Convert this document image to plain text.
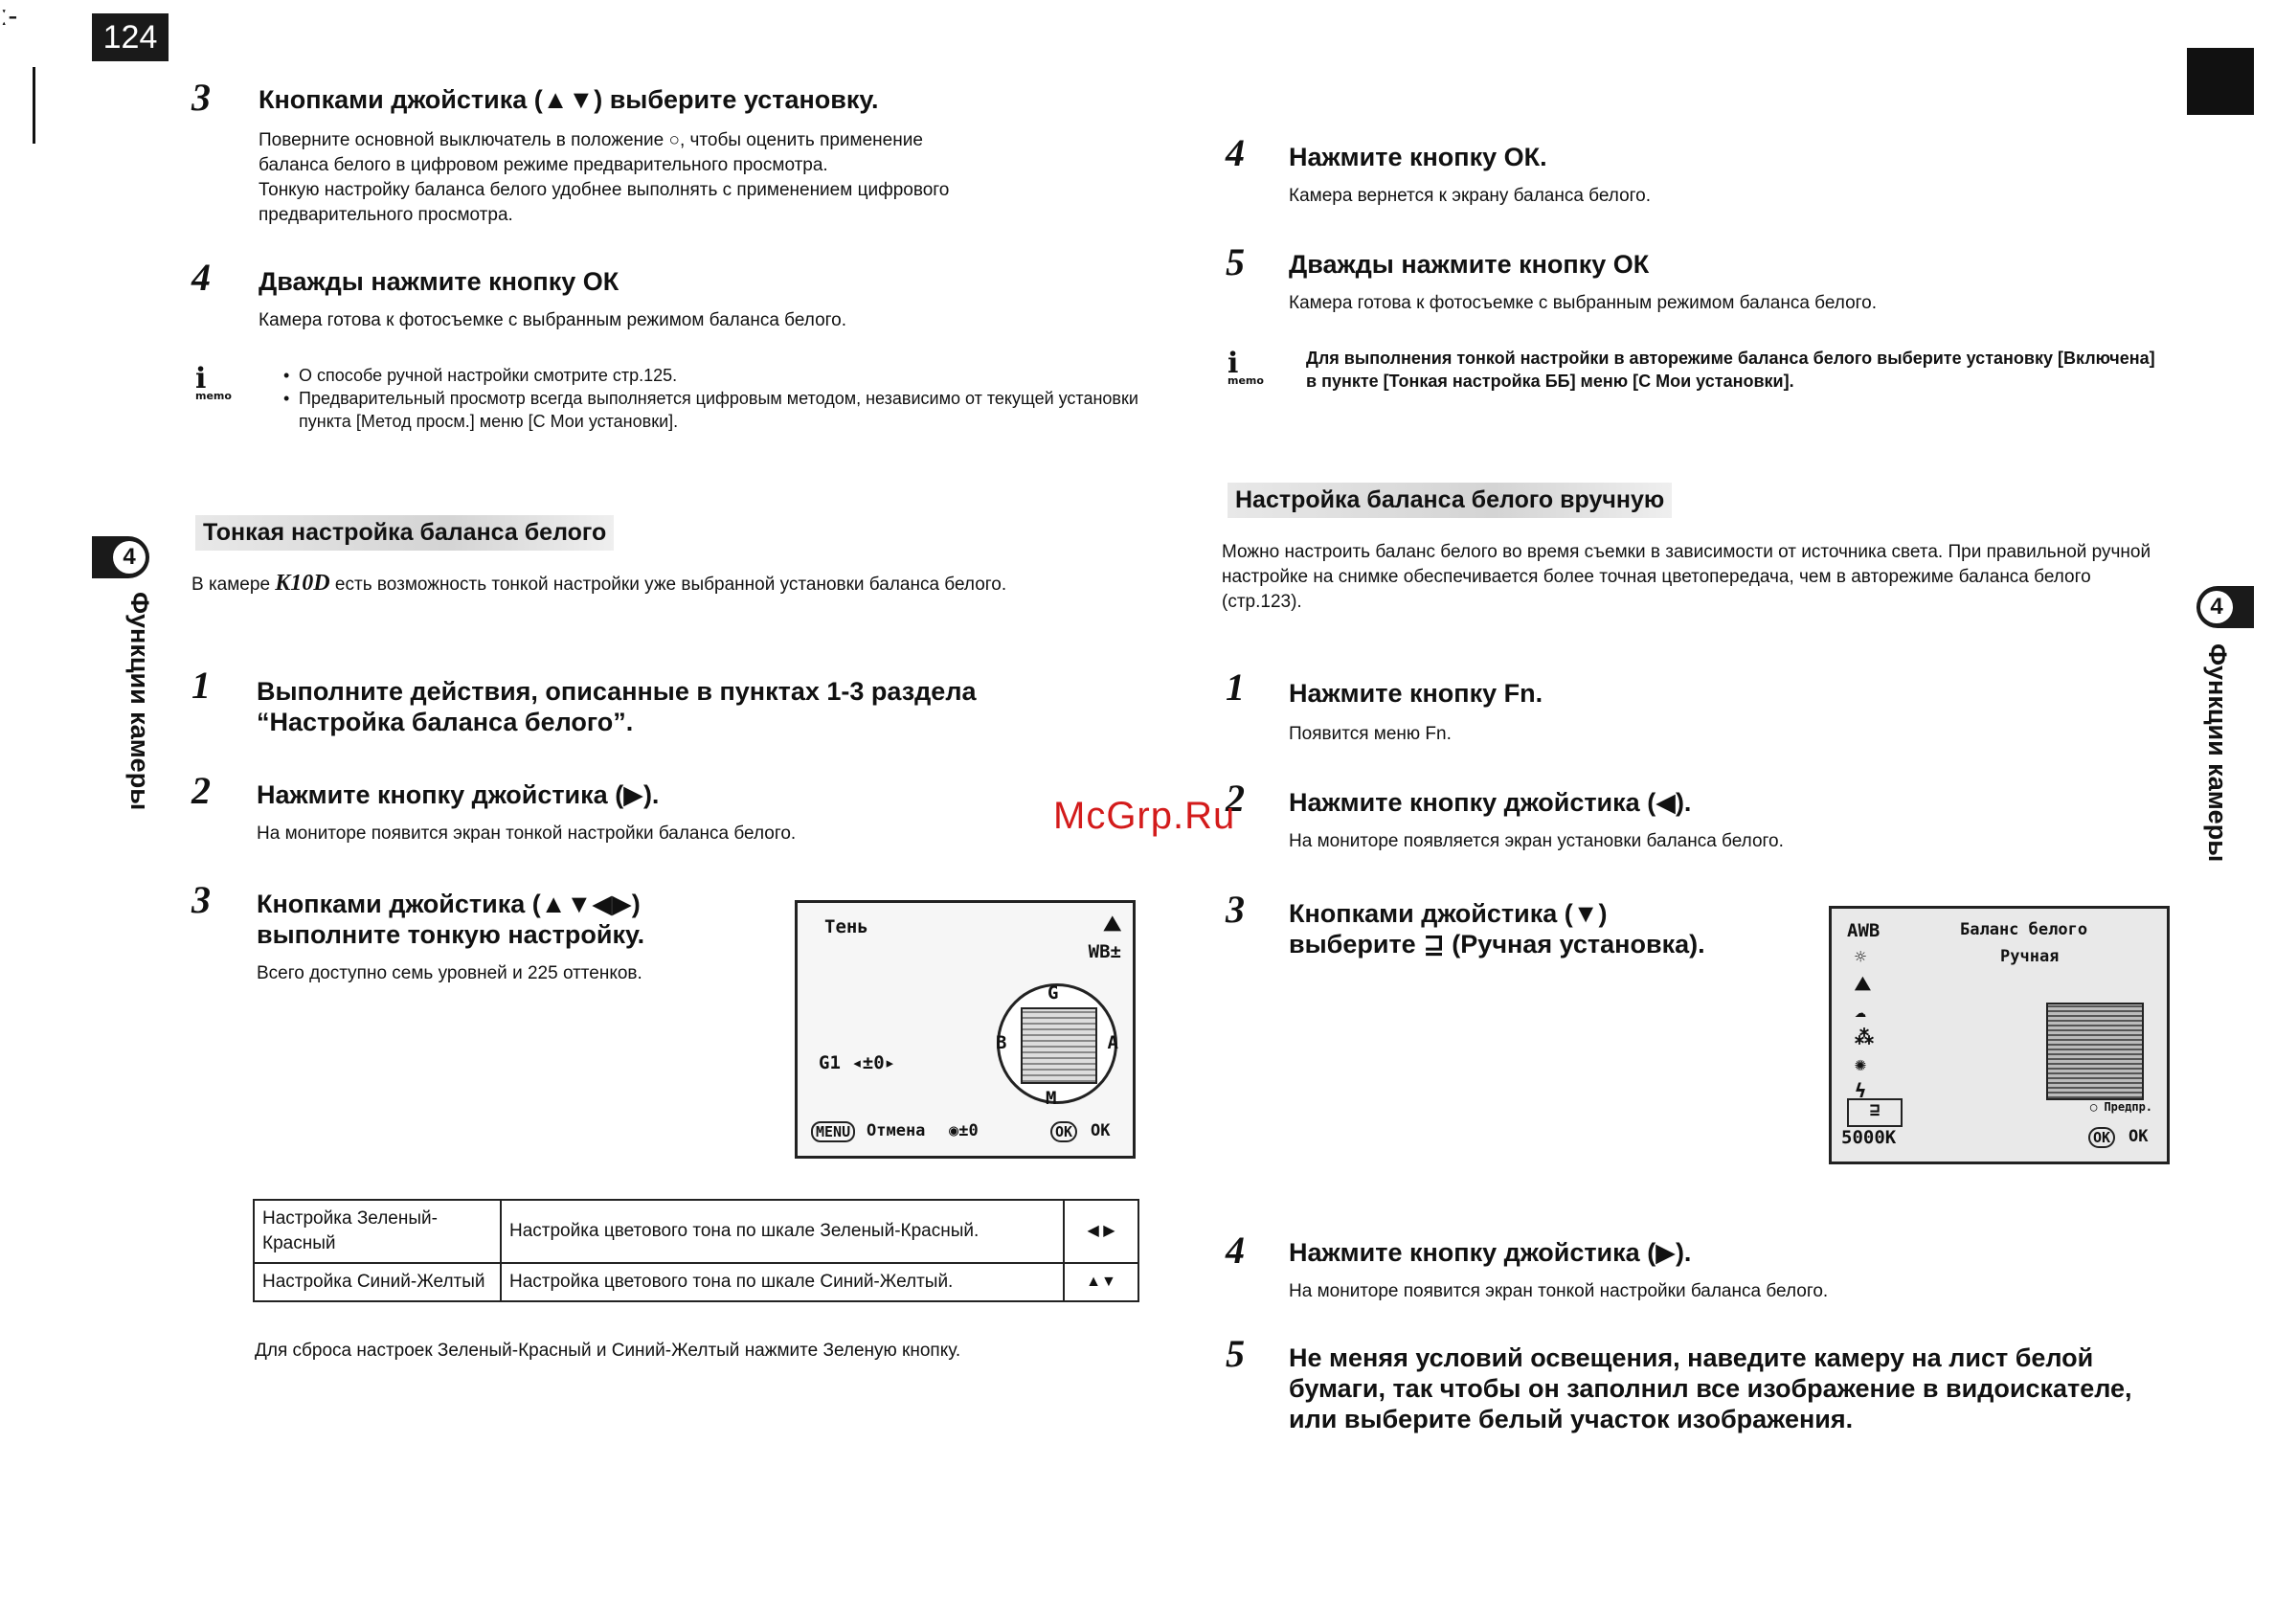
124
ː-
4
Функции камеры	4
Функции камеры
3 Кнопками джойстика (▲▼) выберите установку.
Поверните основной выключатель в положение ○, чтобы оценить применение
баланса белого в цифровом режиме предварительного просмотра.
Тонкую настройку баланса белого удобнее выполнять с применением цифрового
предварительного просмотра.
4 Дважды нажмите кнопку ОК
Камера готова к фотосъемке с выбранным режимом баланса белого.
ℹ
memo
• О способе ручной настройки смотрите стр.125.
• Предварительный просмотр всегда выполняется цифровым методом, независимо от текущей установки пункта [Метод просм.] меню [С Мои установки].
Тонкая настройка баланса белого
В камере K10D есть возможность тонкой настройки уже выбранной установки баланса белого.
1 Выполните действия, описанные в пунктах 1-3 раздела “Настройка баланса белого”.
2 Нажмите кнопку джойстика (▶).
На мониторе появится экран тонкой настройки баланса белого.
3 Кнопками джойстика (▲▼◀▶) выполните тонкую настройку.
Всего доступно семь уровней и 225 оттенков.
Тень	⛰
WB±
G
B	A
M
G1 ◂±0▸
MENU Отмена ◉±0	OK OK
Настройка Зеленый-Красный	Настройка цветового тона по шкале Зеленый-Красный.	◀ ▶
Настройка Синий-Желтый	Настройка цветового тона по шкале Синий-Желтый.	▲▼
Для сброса настроек Зеленый-Красный и Синий-Желтый нажмите Зеленую кнопку.
4 Нажмите кнопку ОК.
Камера вернется к экрану баланса белого.
5 Дважды нажмите кнопку ОК
Камера готова к фотосъемке с выбранным режимом баланса белого.
ℹ
memo
Для выполнения тонкой настройки в авторежиме баланса белого выберите установку [Включена] в пункте [Тонкая настройка ББ] меню [С Мои установки].
Настройка баланса белого вручную
Можно настроить баланс белого во время съемки в зависимости от источника света. При правильной ручной настройке на снимке обеспечивается более точная цветопередача, чем в авторежиме баланса белого (стр.123).
1 Нажмите кнопку Fn.
Появится меню Fn.
2 Нажмите кнопку джойстика (◀).
На мониторе появляется экран установки баланса белого.
3 Кнопками джойстика (▼)
выберите ⊒ (Ручная установка).	AWB	Баланс белого
Ручная
☼
⛰
☁
⁂
✺
ϟ
⊒
5000K
◯ Предпр.
OK OK
4 Нажмите кнопку джойстика (▶).
На мониторе появится экран тонкой настройки баланса белого.
5 Не меняя условий освещения, наведите камеру на лист белой бумаги, так чтобы он заполнил все изображение в видоискателе, или выберите белый участок изображения.
McGrp.Ru
